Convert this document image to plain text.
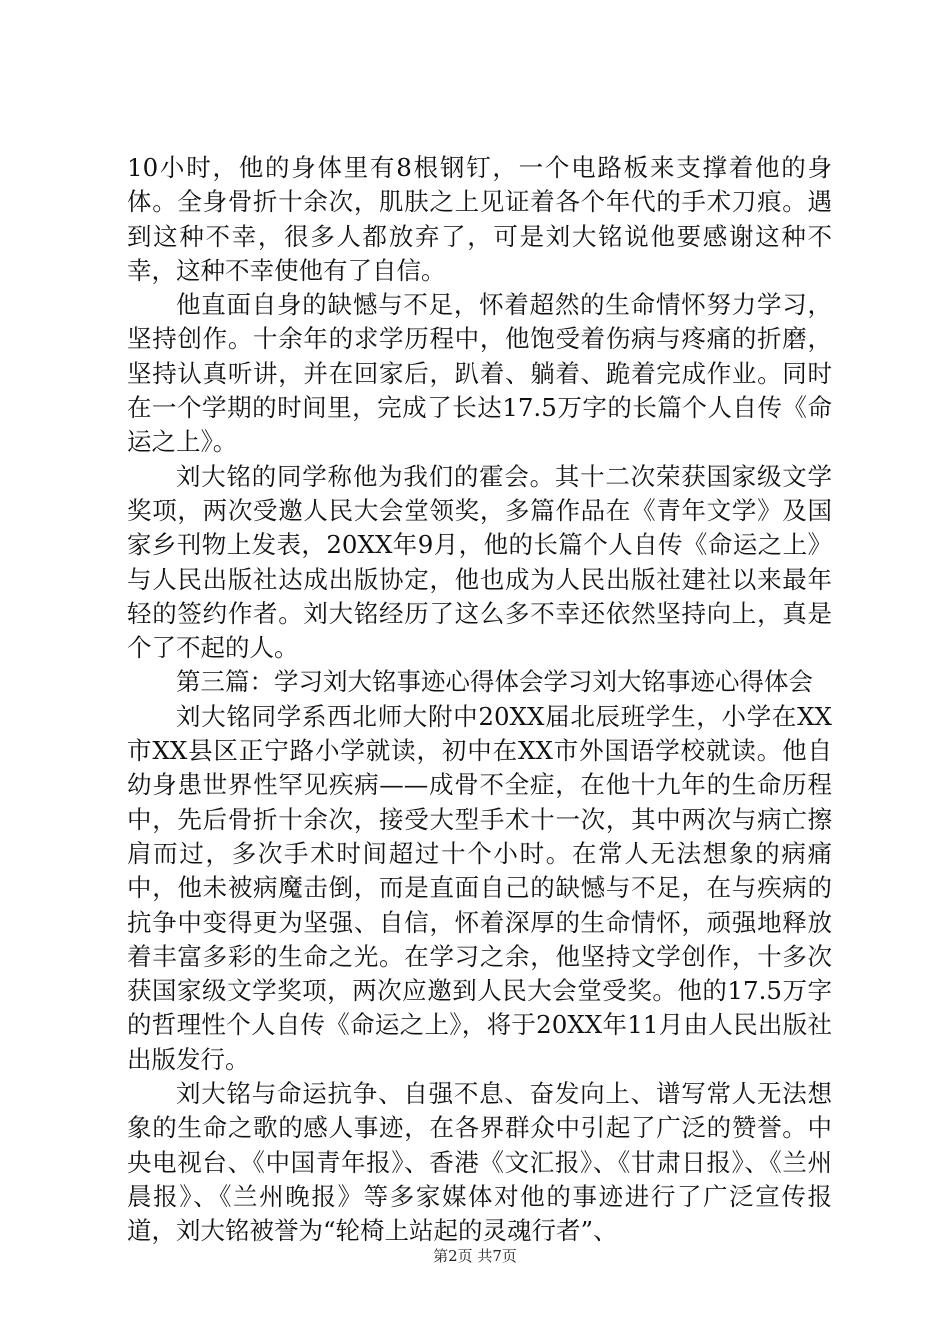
10小时，他的身体里有8根钢钉，一个电路板来支撑着他的身体。全身骨折十余次，肌肤之上见证着各个年代的手术刀痕。遇到这种不幸，很多人都放弃了，可是刘大铭说他要感谢这种不幸，这种不幸使他有了自信。

他直面自身的缺憾与不足，怀着超然的生命情怀努力学习，坚持创作。十余年的求学历程中，他饱受着伤病与疼痛的折磨，坚持认真听讲，并在回家后，趴着、躺着、跪着完成作业。同时在一个学期的时间里，完成了长达17.5万字的长篇个人自传《命运之上》。

刘大铭的同学称他为我们的霍会。其十二次荣获国家级文学奖项，两次受邀人民大会堂领奖，多篇作品在《青年文学》及国家乡刊物上发表，20XX年9月，他的长篇个人自传《命运之上》与人民出版社达成出版协定，他也成为人民出版社建社以来最年轻的签约作者。刘大铭经历了这么多不幸还依然坚持向上，真是个了不起的人。

第三篇：学习刘大铭事迹心得体会学习刘大铭事迹心得体会

刘大铭同学系西北师大附中20XX届北辰班学生，小学在XX市XX县区正宁路小学就读，初中在XX市外国语学校就读。他自幼身患世界性罕见疾病——成骨不全症，在他十九年的生命历程中，先后骨折十余次，接受大型手术十一次，其中两次与病亡擦肩而过，多次手术时间超过十个小时。在常人无法想象的病痛中，他未被病魔击倒，而是直面自己的缺憾与不足，在与疾病的抗争中变得更为坚强、自信，怀着深厚的生命情怀，顽强地释放着丰富多彩的生命之光。在学习之余，他坚持文学创作，十多次获国家级文学奖项，两次应邀到人民大会堂受奖。他的17.5万字的哲理性个人自传《命运之上》，将于20XX年11月由人民出版社出版发行。

刘大铭与命运抗争、自强不息、奋发向上、谱写常人无法想象的生命之歌的感人事迹，在各界群众中引起了广泛的赞誉。中央电视台、《中国青年报》、香港《文汇报》、《甘肃日报》、《兰州晨报》、《兰州晚报》等多家媒体对他的事迹进行了广泛宣传报道，刘大铭被誉为“轮椅上站起的灵魂行者”、

第2页 共7页
